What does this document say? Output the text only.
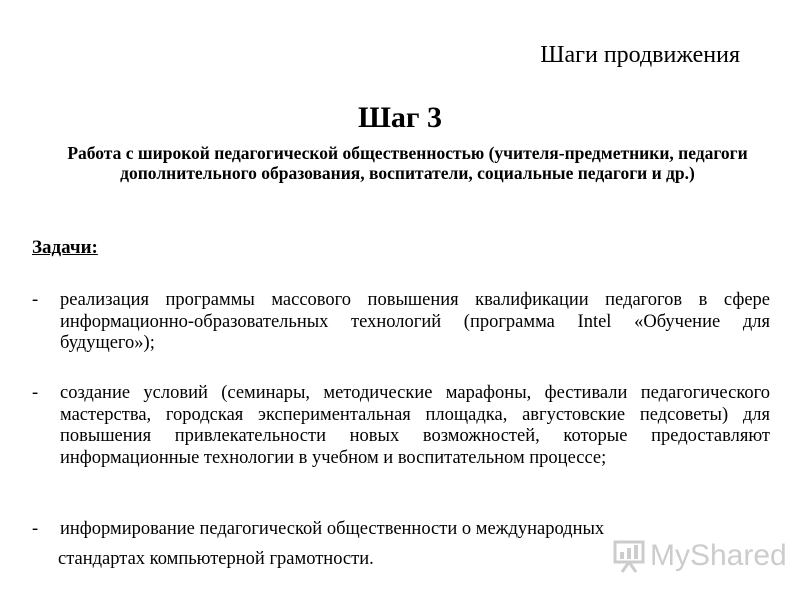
Шаги продвижения
Шаг 3
Работа с широкой педагогической общественностью (учителя-предметники, педагоги дополнительного образования, воспитатели, социальные педагоги и др.)
Задачи:
-	реализация программы массового повышения квалификации педагогов в сфере информационно-образовательных технологий (программа Intel «Обучение для будущего»);
-	создание условий (семинары, методические марафоны, фестивали педагогического мастерства, городская экспериментальная площадка, августовские педсоветы) для повышения привлекательности новых возможностей, которые предоставляют информационные технологии в учебном и воспитательном процессе;
-	информирование педагогической общественности о международных
стандартах компьютерной грамотности.	MyShared
